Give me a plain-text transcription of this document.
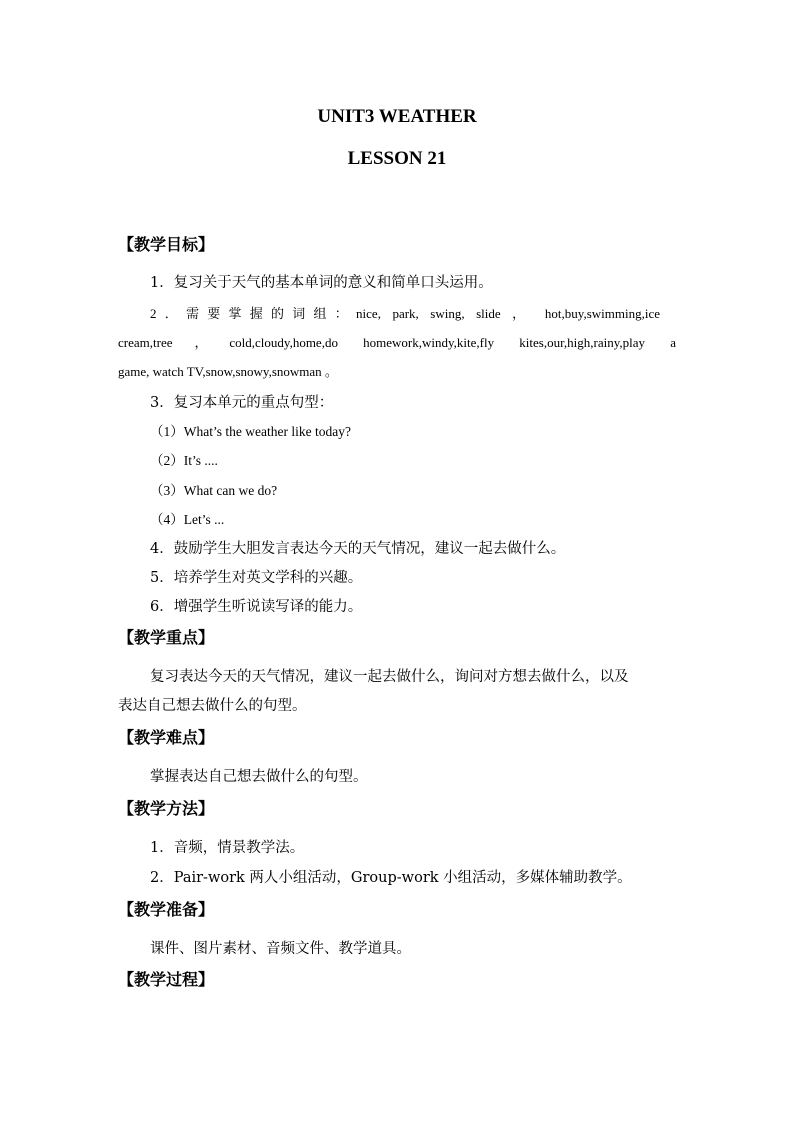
UNIT3 WEATHER
LESSON 21
【教学目标】
1．复习关于天气的基本单词的意义和简单口头运用。
2．需要掌握的词组：nice, park, swing, slide ， hot,buy,swimming,ice
cream,tree，cold,cloudy,home,do homework,windy,kite,fly kites,our,high,rainy,play a
game, watch TV,snow,snowy,snowman 。
3．复习本单元的重点句型：
（1）What’s the weather like today?
（2）It’s ....
（3）What can we do?
（4）Let’s ...
4．鼓励学生大胆发言表达今天的天气情况，建议一起去做什么。
5．培养学生对英文学科的兴趣。
6．增强学生听说读写译的能力。
【教学重点】
复习表达今天的天气情况，建议一起去做什么，询问对方想去做什么，以及
表达自己想去做什么的句型。
【教学难点】
掌握表达自己想去做什么的句型。
【教学方法】
1．音频，情景教学法。
2．Pair-work 两人小组活动，Group-work 小组活动，多媒体辅助教学。
【教学准备】
课件、图片素材、音频文件、教学道具。
【教学过程】
